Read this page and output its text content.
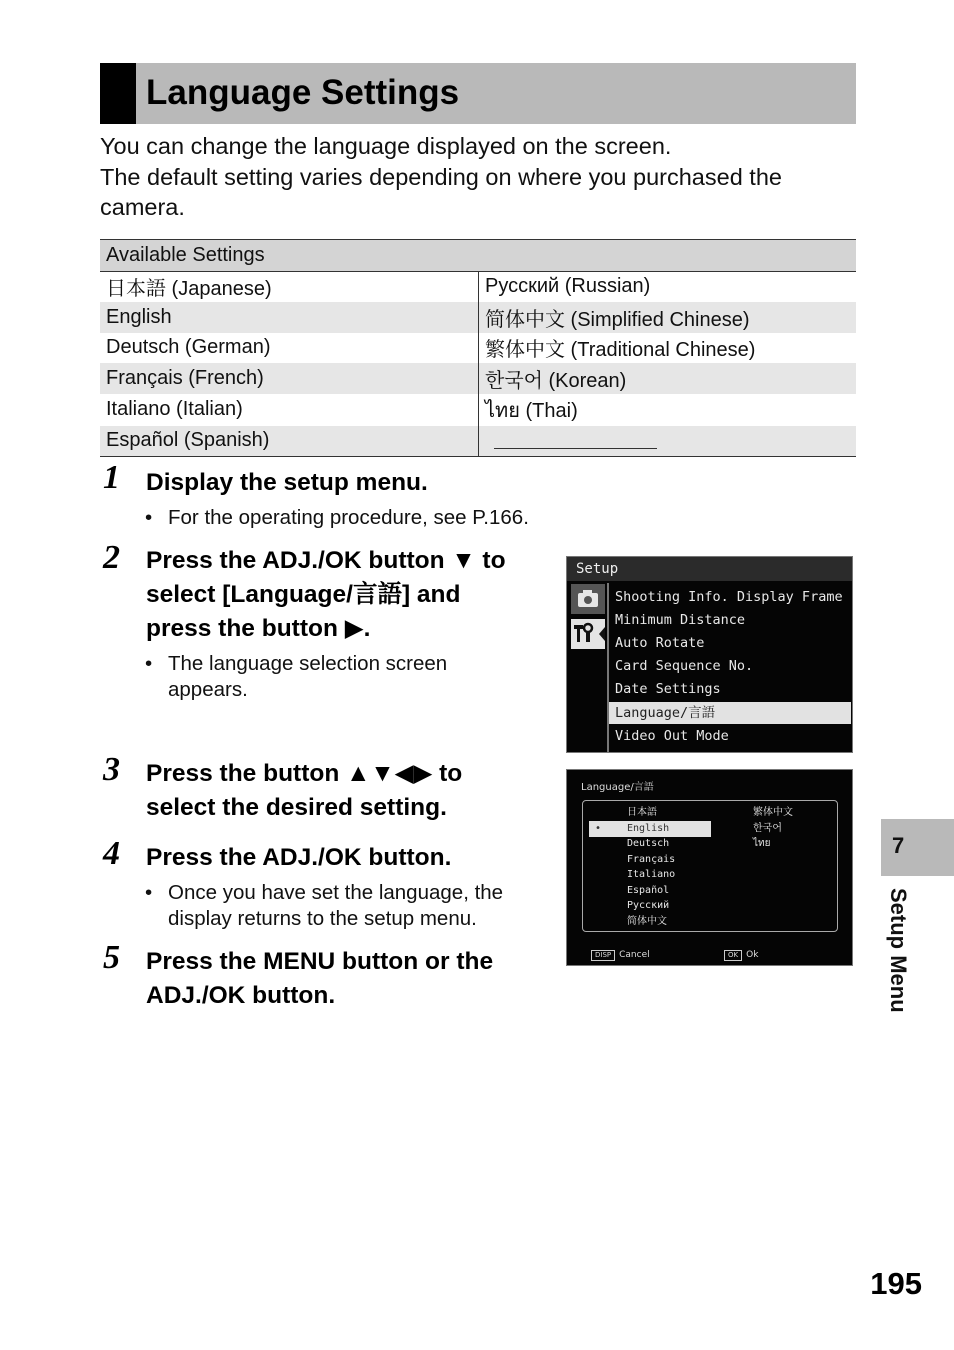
Language Settings

You can change the language displayed on the screen.

The default setting varies depending on where you purchased the camera.

Available Settings	
日本語 (Japanese)	Русский (Russian)
English	简体中文 (Simplified Chinese)
Deutsch (German)	繁体中文 (Traditional Chinese)
Français (French)	한국어 (Korean)
Italiano (Italian)	ไทย (Thai)
Español (Spanish)	
1 Display the setup menu.
• For the operating procedure, see P.166.
2 Press the ADJ./OK button ▼ to
select [Language/言語] and
press the button ▶.
• The language selection screen
appears.
3 Press the button ▲▼◀▶ to
select the desired setting.
4 Press the ADJ./OK button.
• Once you have set the language, the
display returns to the setup menu.
5 Press the MENU button or the
ADJ./OK button.
Setup
Shooting Info. Display Frame
Minimum Distance
Auto Rotate
Card Sequence No.
Date Settings
Language/言語
Video Out Mode
Language/言語
日本語
•	English
Deutsch
Français
Italiano
Español
Русский
简体中文
繁体中文
한국어
ไทย
DISP Cancel	OK Ok
7
Setup Menu
195
